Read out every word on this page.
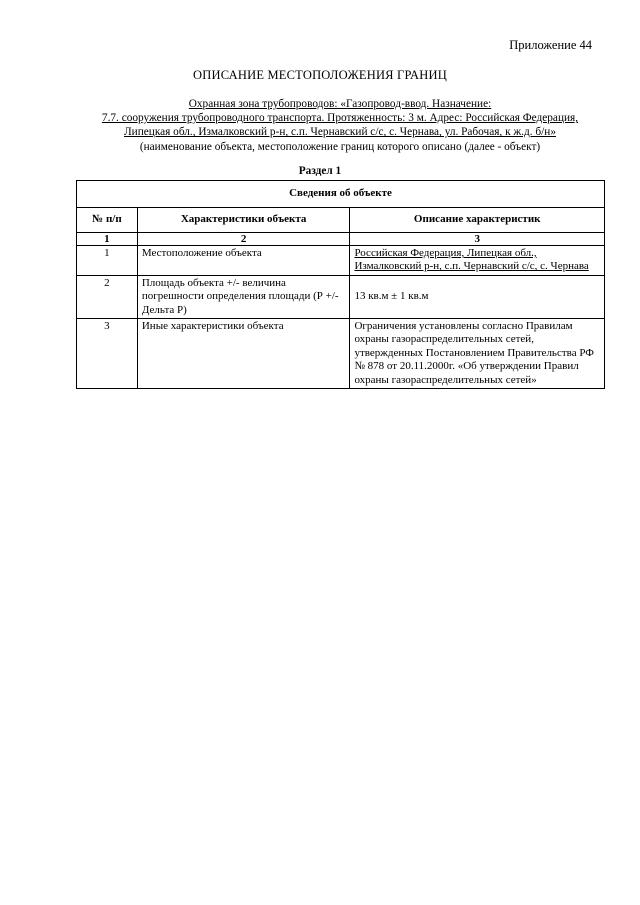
Приложение 44
ОПИСАНИЕ МЕСТОПОЛОЖЕНИЯ ГРАНИЦ
Охранная зона трубопроводов: «Газопровод-ввод. Назначение:
7.7. сооружения трубопроводного транспорта. Протяженность: 3 м. Адрес: Российская Федерация,
Липецкая обл., Измалковский р-н, с.п. Чернавский с/с, с. Чернава, ул. Рабочая, к ж.д. б/н»
(наименование объекта, местоположение границ которого описано (далее - объект)
Раздел 1
Сведения об объекте		
№ п/п	Характеристики объекта	Описание характеристик
1	2	3
1	Местоположение объекта	Российская Федерация, Липецкая обл., Измалковский р-н, с.п. Чернавский с/с, с. Чернава
2	Площадь объекта +/- величина погрешности определения площади (Р +/- Дельта Р)	13 кв.м ± 1 кв.м
3	Иные характеристики объекта	Ограничения установлены согласно Правилам охраны газораспределительных сетей, утвержденных Постановлением Правительства РФ № 878 от 20.11.2000г. «Об утверждении Правил охраны газораспределительных сетей»
